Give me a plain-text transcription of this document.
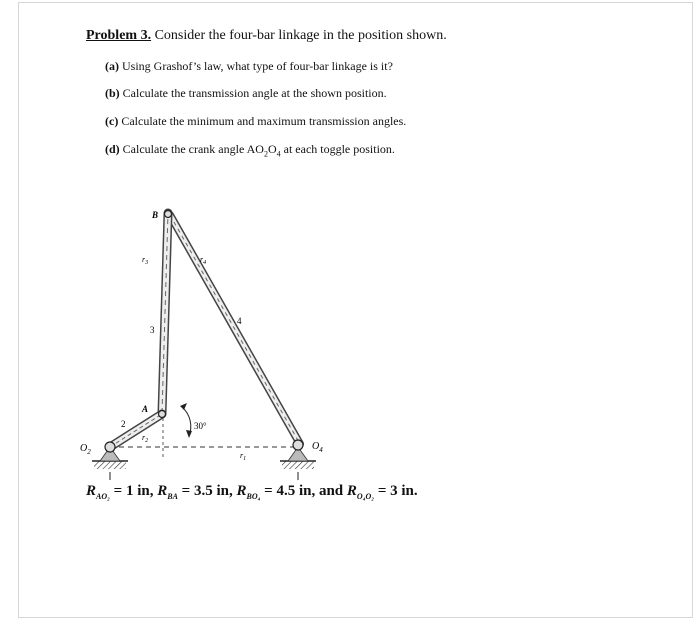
Problem 3. Consider the four-bar linkage in the position shown.
(a) Using Grashof’s law, what type of four-bar linkage is it?
(b) Calculate the transmission angle at the shown position.
(c) Calculate the minimum and maximum transmission angles.
(d) Calculate the crank angle $AO_2O_4$ at each toggle position.
B
A
$O_2$	$O_4$
2
3
4
$r_3$	$r_4$
$r_2$
$r_1$
30°
$R_{AO_2} = 1$ in, $R_{BA} = 3.5$ in, $R_{BO_4} = 4.5$ in, and $R_{O_4O_2} = 3$ in.
